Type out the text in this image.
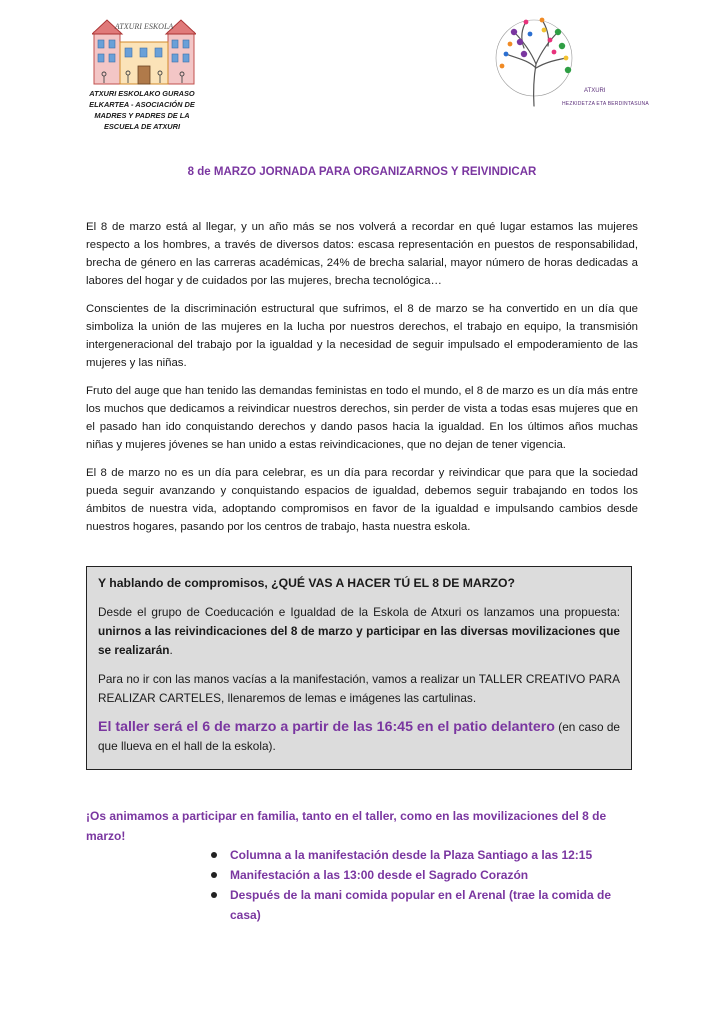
ATXURI ESKOLA
ATXURI ESKOLAKO GURASO ELKARTEA - ASOCIACIÓN DE MADRES Y PADRES DE LA ESCUELA DE ATXURI
ATXURI
HEZKIDETZA ETA BERDINTASUNA
8 de MARZO JORNADA PARA ORGANIZARNOS Y REIVINDICAR

El 8 de marzo está al llegar, y un año más se nos volverá a recordar en qué lugar estamos las mujeres respecto a los hombres, a través de diversos datos: escasa representación en puestos de responsabilidad, brecha de género en las carreras académicas, 24% de brecha salarial, mayor número de horas dedicadas a labores del hogar y de cuidados por las mujeres, brecha tecnológica…

Conscientes de la discriminación estructural que sufrimos, el 8 de marzo se ha convertido en un día que simboliza la unión de las mujeres en la lucha por nuestros derechos, el trabajo en equipo, la transmisión intergeneracional del trabajo por la igualdad y la necesidad de seguir impulsado el empoderamiento de las mujeres y las niñas.

Fruto del auge que han tenido las demandas feministas en todo el mundo, el 8 de marzo es un día más entre los muchos que dedicamos a reivindicar nuestros derechos, sin perder de vista a todas esas mujeres que en el pasado han ido conquistando derechos y dando pasos hacia la igualdad. En los últimos años muchas niñas y mujeres jóvenes se han unido a estas reivindicaciones, que no dejan de tener vigencia.

El 8 de marzo no es un día para celebrar, es un día para recordar y reivindicar que para que la sociedad pueda seguir avanzando y conquistando espacios de igualdad, debemos seguir trabajando en todos los ámbitos de nuestra vida, adoptando compromisos en favor de la igualdad e impulsando cambios desde nuestros hogares, pasando por los centros de trabajo, hasta nuestra eskola.

Y hablando de compromisos, ¿QUÉ VAS A HACER TÚ EL 8 DE MARZO?

Desde el grupo de Coeducación e Igualdad de la Eskola de Atxuri os lanzamos una propuesta: unirnos a las reivindicaciones del 8 de marzo y participar en las diversas movilizaciones que se realizarán.

Para no ir con las manos vacías a la manifestación, vamos a realizar un TALLER CREATIVO PARA REALIZAR CARTELES, llenaremos de lemas e imágenes las cartulinas.

El taller será el 6 de marzo a partir de las 16:45 en el patio delantero (en caso de que llueva en el hall de la eskola).

¡Os animamos a participar en familia, tanto en el taller, como en las movilizaciones del 8 de marzo!
Columna a la manifestación desde la Plaza Santiago a las 12:15
Manifestación a las 13:00 desde el Sagrado Corazón
Después de la mani comida popular en el Arenal (trae la comida de casa)
